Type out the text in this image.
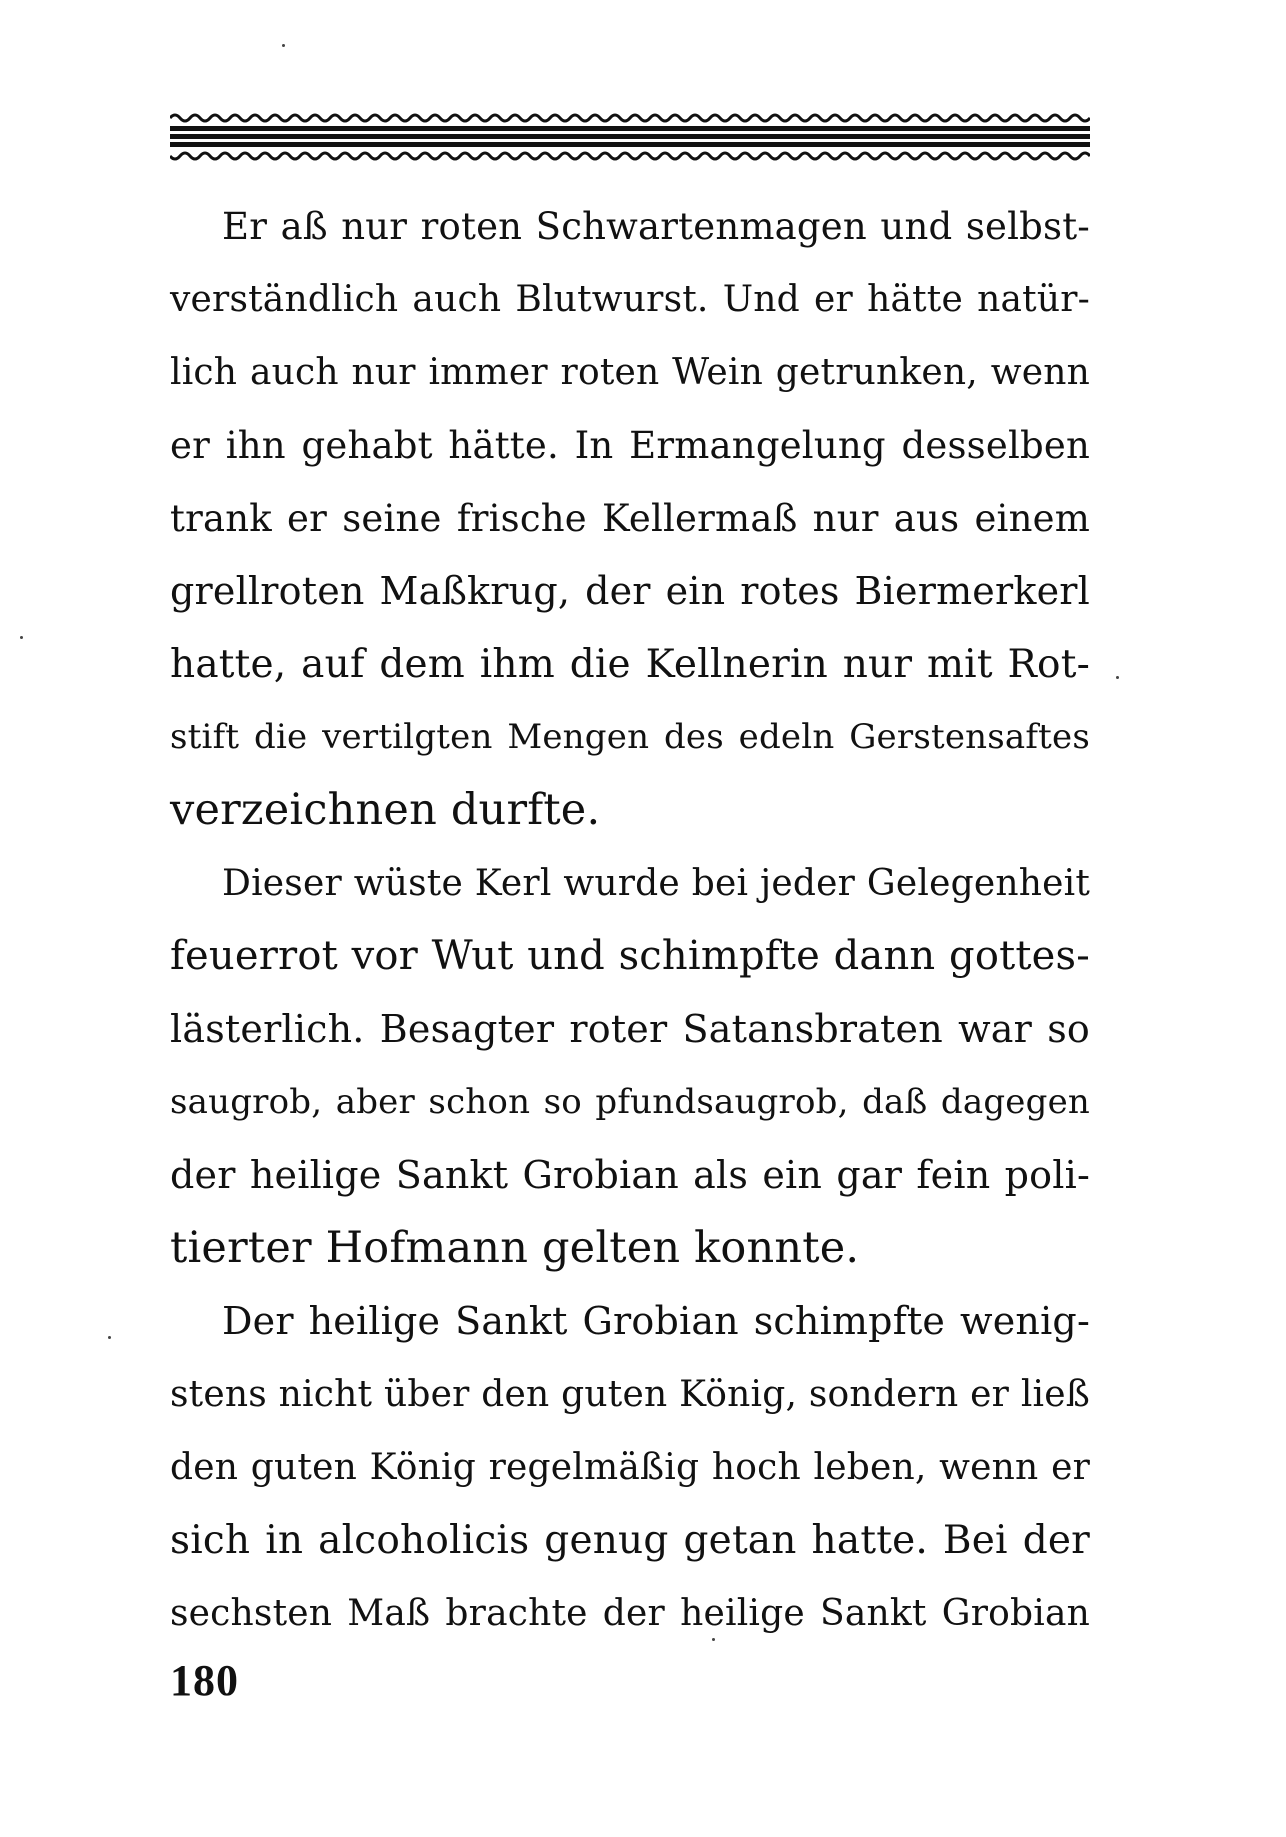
Er aß nur roten Schwartenmagen und selbst-
verständlich auch Blutwurst. Und er hätte natür-
lich auch nur immer roten Wein getrunken, wenn
er ihn gehabt hätte. In Ermangelung desselben
trank er seine frische Kellermaß nur aus einem
grellroten Maßkrug, der ein rotes Biermerkerl
hatte, auf dem ihm die Kellnerin nur mit Rot-
stift die vertilgten Mengen des edeln Gerstensaftes
verzeichnen durfte.
Dieser wüste Kerl wurde bei jeder Gelegenheit
feuerrot vor Wut und schimpfte dann gottes-
lästerlich. Besagter roter Satansbraten war so
saugrob, aber schon so pfundsaugrob, daß dagegen
der heilige Sankt Grobian als ein gar fein poli-
tierter Hofmann gelten konnte.
Der heilige Sankt Grobian schimpfte wenig-
stens nicht über den guten König, sondern er ließ
den guten König regelmäßig hoch leben, wenn er
sich in alcoholicis genug getan hatte. Bei der
sechsten Maß brachte der heilige Sankt Grobian
180
